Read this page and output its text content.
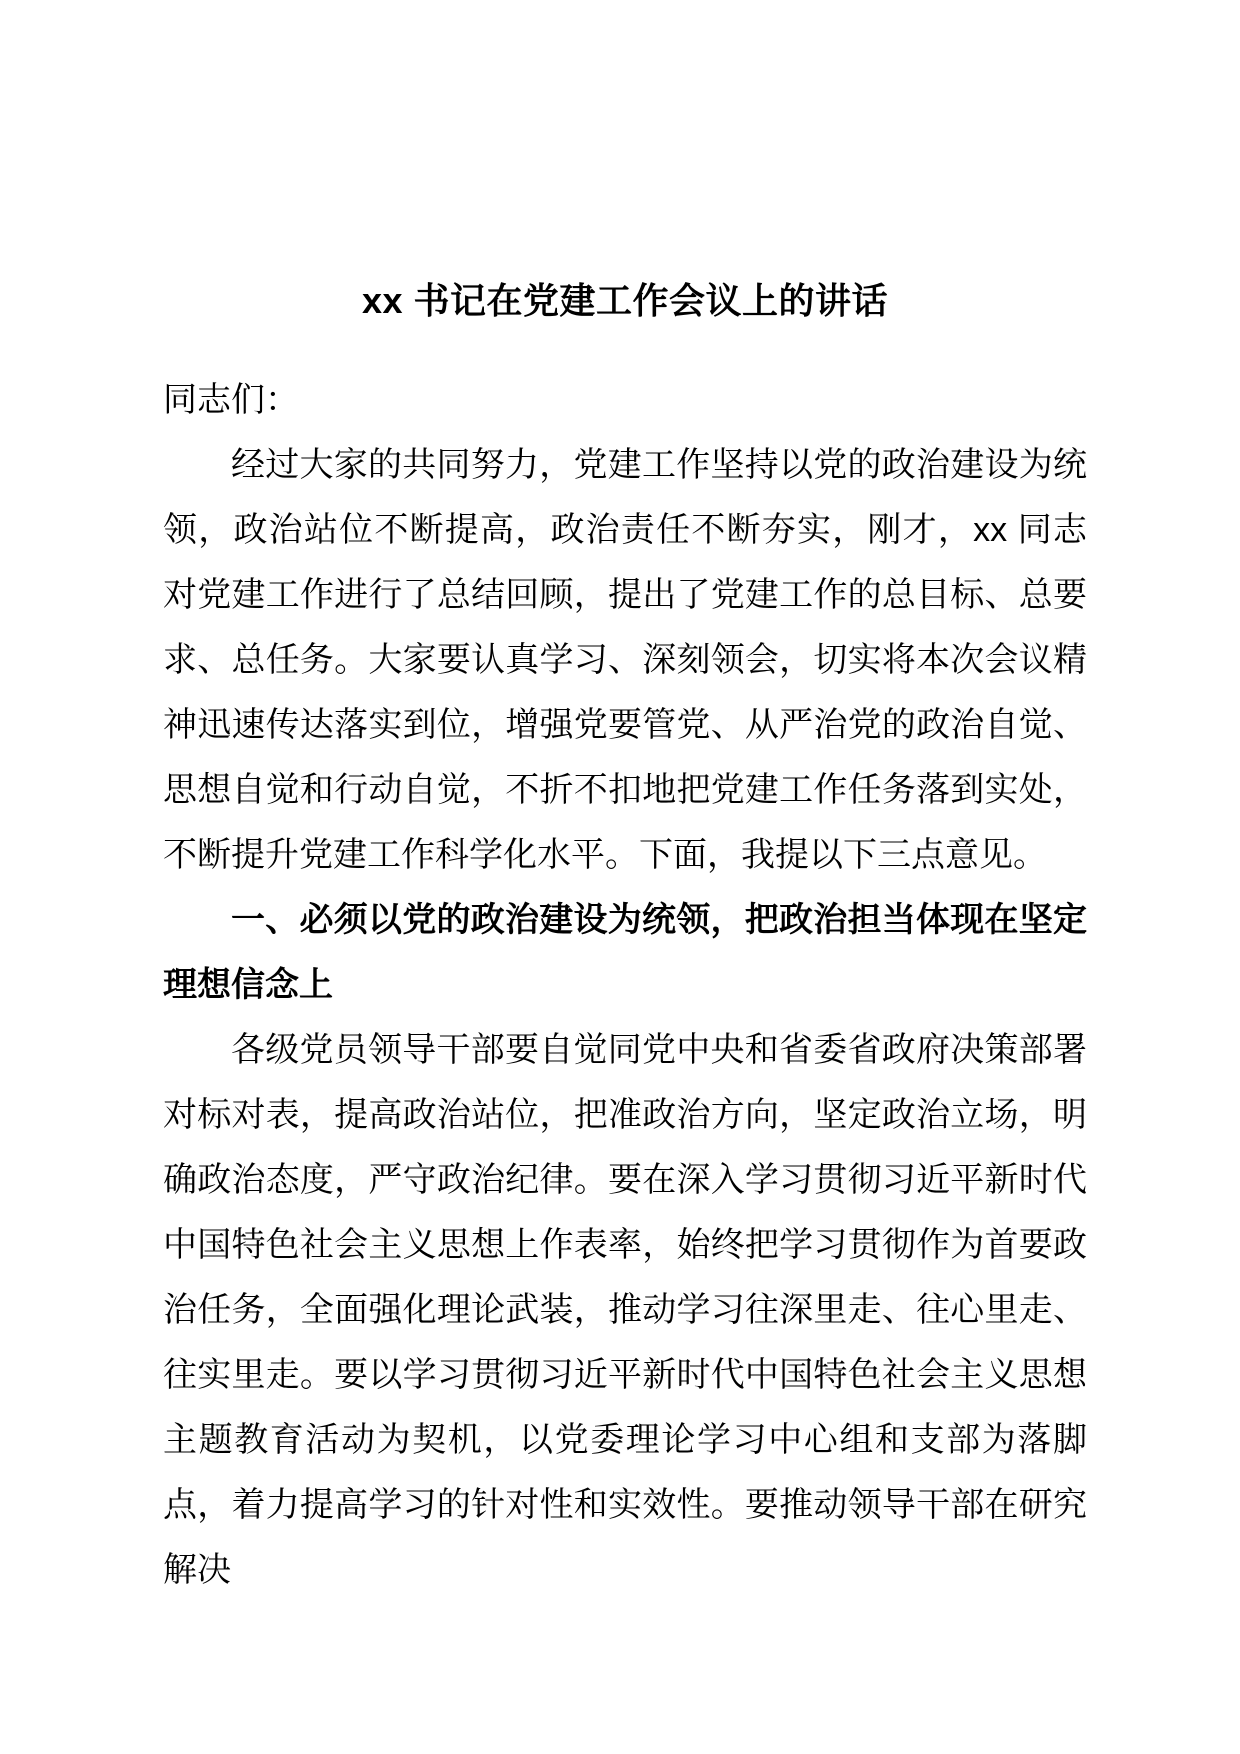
xx 书记在党建工作会议上的讲话

同志们：

经过大家的共同努力，党建工作坚持以党的政治建设为统领，政治站位不断提高，政治责任不断夯实，刚才，xx 同志对党建工作进行了总结回顾，提出了党建工作的总目标、总要求、总任务。大家要认真学习、深刻领会，切实将本次会议精神迅速传达落实到位，增强党要管党、从严治党的政治自觉、思想自觉和行动自觉，不折不扣地把党建工作任务落到实处，不断提升党建工作科学化水平。下面，我提以下三点意见。

一、必须以党的政治建设为统领，把政治担当体现在坚定理想信念上

各级党员领导干部要自觉同党中央和省委省政府决策部署对标对表，提高政治站位，把准政治方向，坚定政治立场，明确政治态度，严守政治纪律。要在深入学习贯彻习近平新时代中国特色社会主义思想上作表率，始终把学习贯彻作为首要政治任务，全面强化理论武装，推动学习往深里走、往心里走、往实里走。要以学习贯彻习近平新时代中国特色社会主义思想主题教育活动为契机，以党委理论学习中心组和支部为落脚点，着力提高学习的针对性和实效性。要推动领导干部在研究解决
